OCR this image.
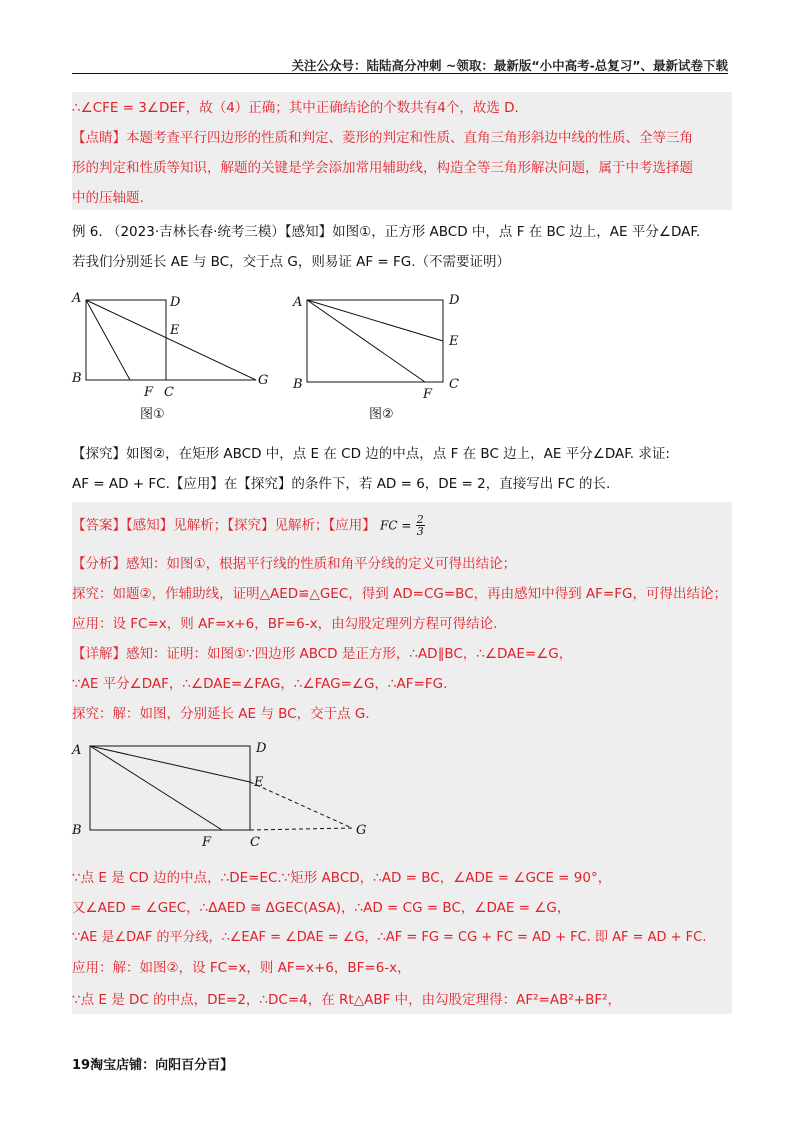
关注公众号：陆陆高分冲刺 ~领取：最新版“小中高考-总复习”、最新试卷下载
∴∠CFE = 3∠DEF，故（4）正确；其中正确结论的个数共有4个，故选 D.
【点睛】本题考查平行四边形的性质和判定、菱形的判定和性质、直角三角形斜边中线的性质、全等三角
形的判定和性质等知识，解题的关键是学会添加常用辅助线，构造全等三角形解决问题，属于中考选择题
中的压轴题.
例 6. （2023·吉林长春·统考三模）【感知】如图①，正方形 ABCD 中，点 F 在 BC 边上，AE 平分∠DAF.
若我们分别延长 AE 与 BC，交于点 G，则易证 AF = FG.（不需要证明）
A	D
E
B
F C
G
图①
A	D
E
B
F
C
图②
【探究】如图②，在矩形 ABCD 中，点 E 在 CD 边的中点，点 F 在 BC 边上，AE 平分∠DAF. 求证:
AF = AD + FC.【应用】在【探究】的条件下，若 AD = 6，DE = 2，直接写出 FC 的长.
【答案】【感知】见解析；【探究】见解析；【应用】 FC = $\frac{2}{3}$
【分析】感知：如图①，根据平行线的性质和角平分线的定义可得出结论；
探究：如题②，作辅助线，证明△AED≌△GEC，得到 AD=CG=BC，再由感知中得到 AF=FG，可得出结论；
应用：设 FC=x，则 AF=x+6，BF=6-x，由勾股定理列方程可得结论.
【详解】感知：证明：如图①∵四边形 ABCD 是正方形，∴AD∥BC，∴∠DAE=∠G，
∵AE 平分∠DAF，∴∠DAE=∠FAG，∴∠FAG=∠G，∴AF=FG.
探究：解：如图，分别延长 AE 与 BC，交于点 G.
A	D
E
B
F	C
G
∵点 E 是 CD 边的中点，∴DE=EC.∵矩形 ABCD，∴AD = BC，∠ADE = ∠GCE = 90°，
又∠AED = ∠GEC，∴ΔAED ≅ ΔGEC(ASA)，∴AD = CG = BC，∠DAE = ∠G，
∵AE 是∠DAF 的平分线，∴∠EAF = ∠DAE = ∠G，∴AF = FG = CG + FC = AD + FC. 即 AF = AD + FC.
应用：解：如图②，设 FC=x，则 AF=x+6，BF=6-x，
∵点 E 是 DC 的中点，DE=2，∴DC=4，在 Rt△ABF 中，由勾股定理得：AF²=AB²+BF²，
19淘宝店铺：向阳百分百】
